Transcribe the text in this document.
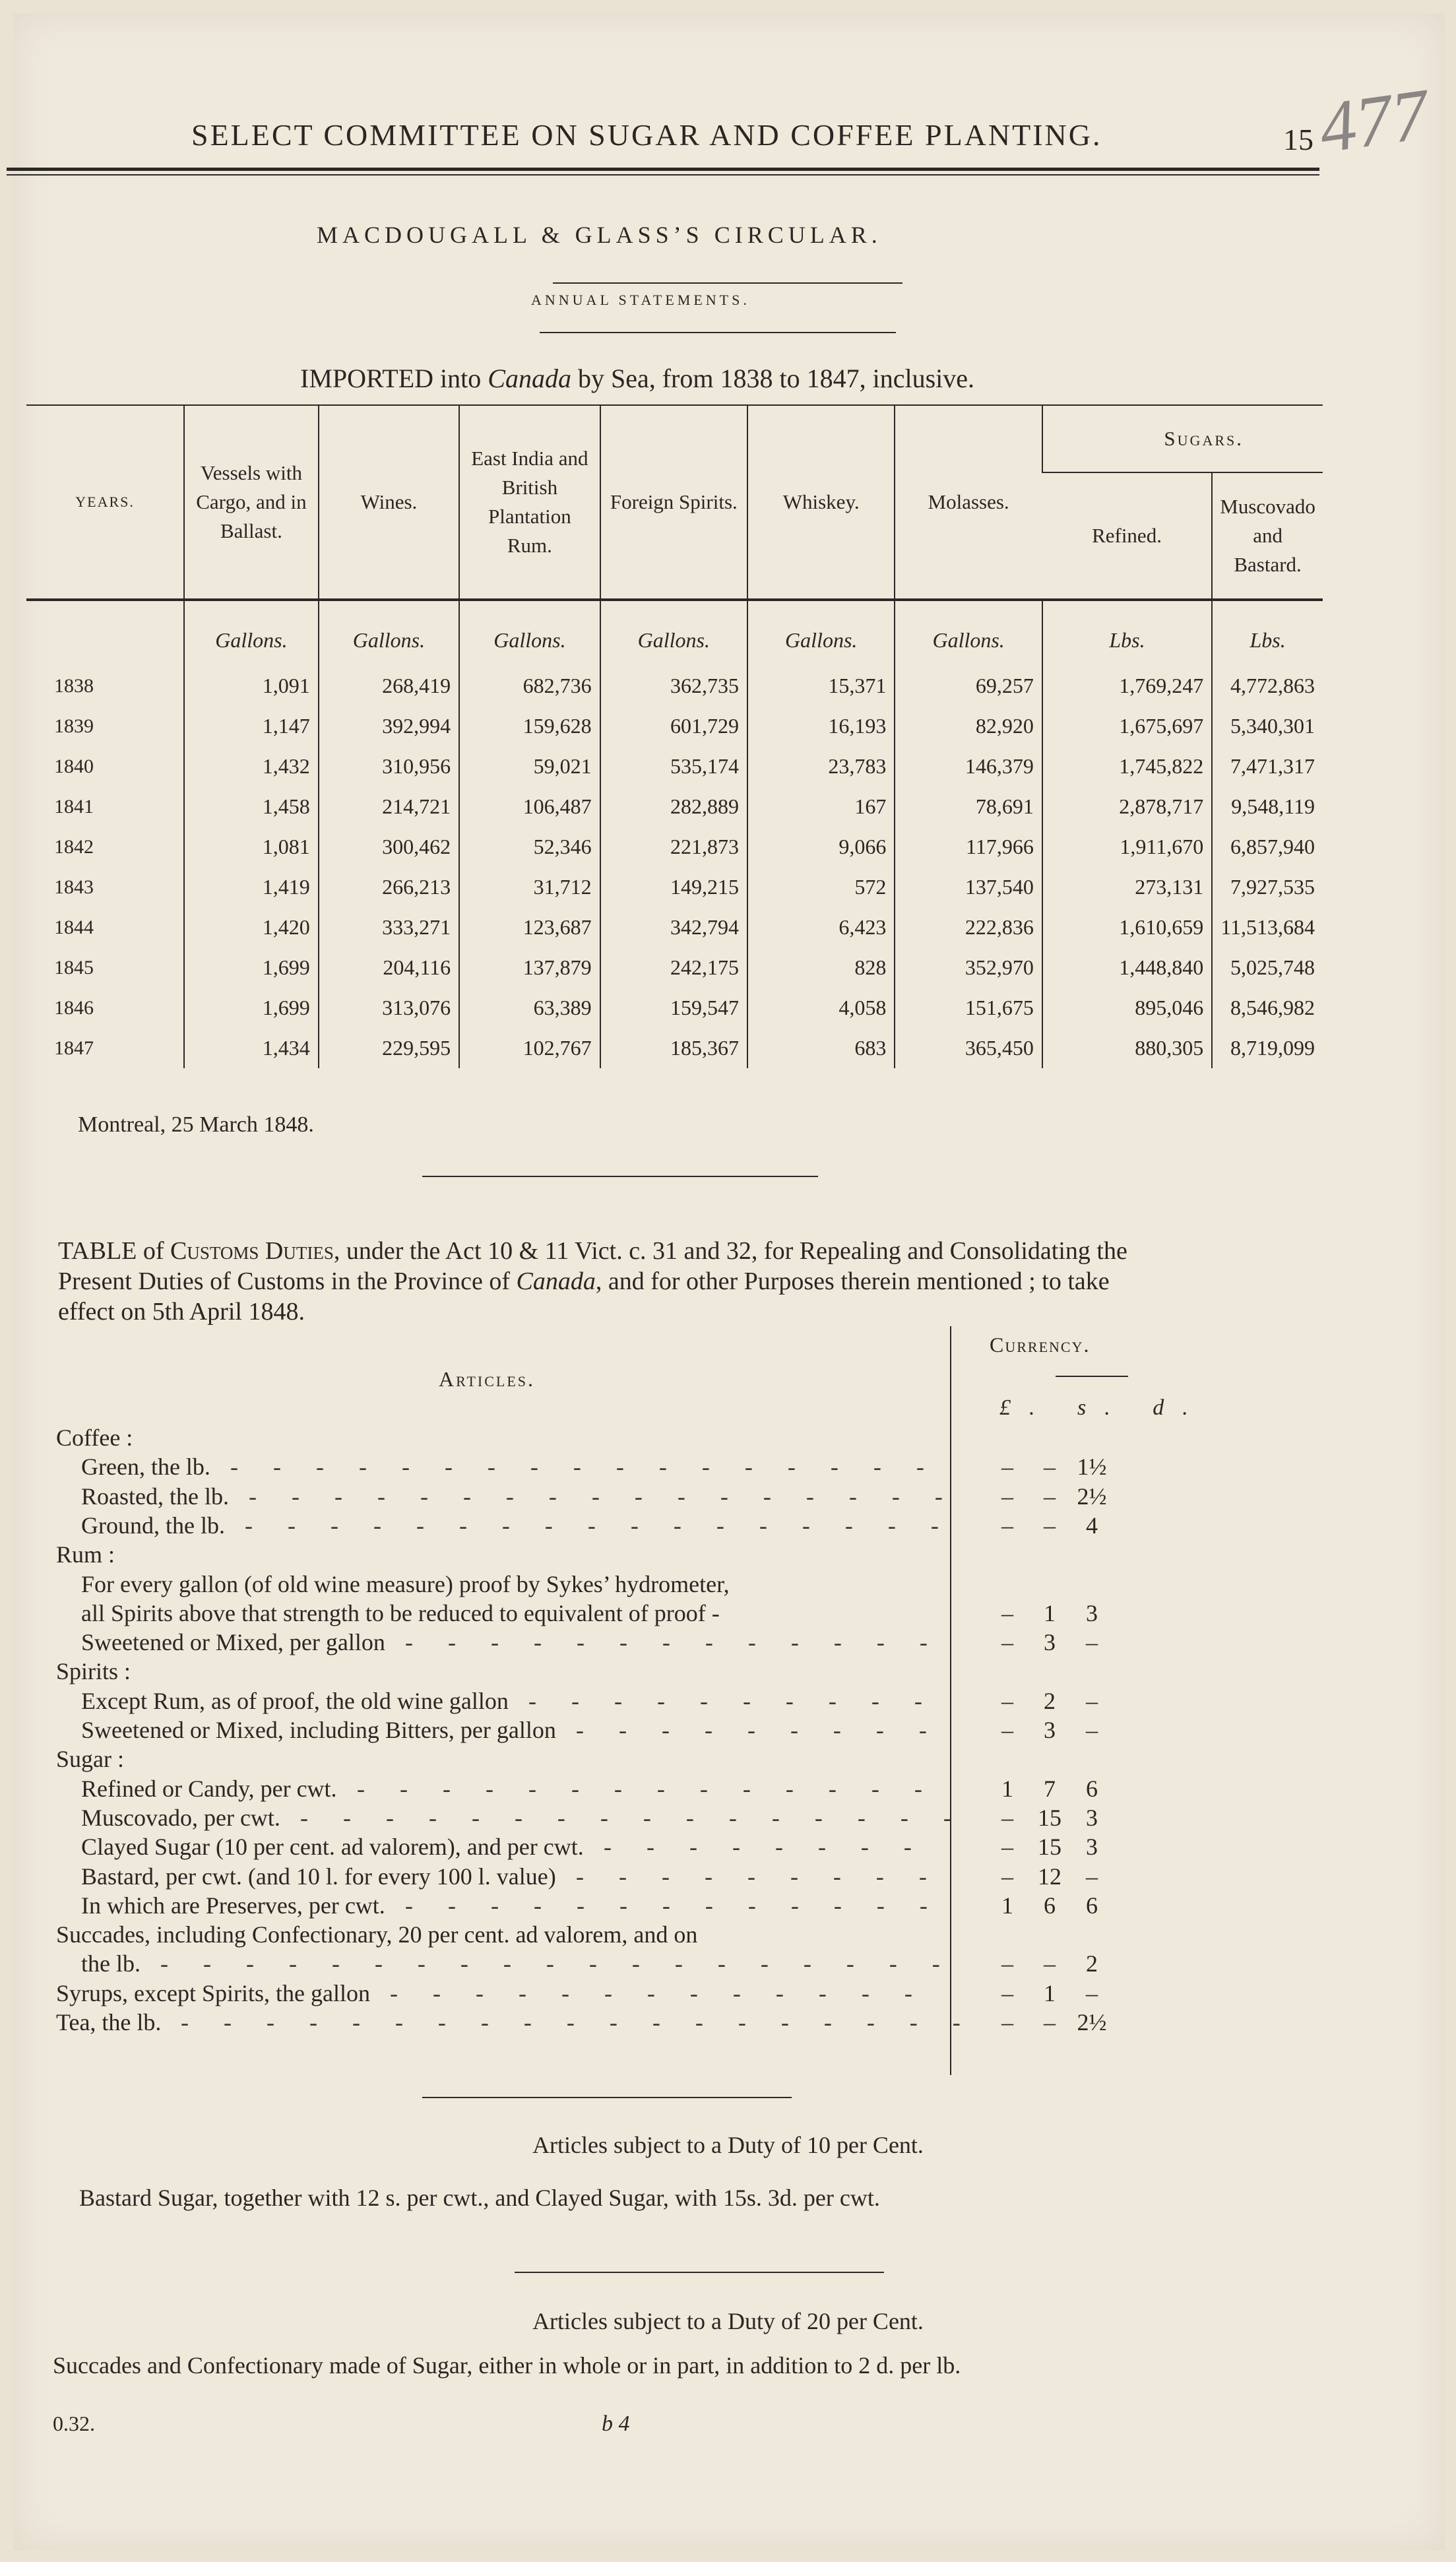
SELECT COMMITTEE ON SUGAR AND COFFEE PLANTING.	15 477
MACDOUGALL & GLASS’S CIRCULAR.
ANNUAL STATEMENTS.
IMPORTED into Canada by Sea, from 1838 to 1847, inclusive.
YEARS.	Vessels with Cargo, and in Ballast.	Wines.	East India and British Plantation Rum.	Foreign Spirits.	Whiskey.	Molasses.	Sugars.	
							Refined.	Muscovado and Bastard.
	Gallons.	Gallons.	Gallons.	Gallons.	Gallons.	Gallons.	Lbs.	Lbs.
1838	1,091	268,419	682,736	362,735	15,371	69,257	1,769,247	4,772,863
1839	1,147	392,994	159,628	601,729	16,193	82,920	1,675,697	5,340,301
1840	1,432	310,956	59,021	535,174	23,783	146,379	1,745,822	7,471,317
1841	1,458	214,721	106,487	282,889	167	78,691	2,878,717	9,548,119
1842	1,081	300,462	52,346	221,873	9,066	117,966	1,911,670	6,857,940
1843	1,419	266,213	31,712	149,215	572	137,540	273,131	7,927,535
1844	1,420	333,271	123,687	342,794	6,423	222,836	1,610,659	11,513,684
1845	1,699	204,116	137,879	242,175	828	352,970	1,448,840	5,025,748
1846	1,699	313,076	63,389	159,547	4,058	151,675	895,046	8,546,982
1847	1,434	229,595	102,767	185,367	683	365,450	880,305	8,719,099
Montreal, 25 March 1848.
TABLE of Customs Duties, under the Act 10 & 11 Vict. c. 31 and 32, for Repealing and Consolidating the Present Duties of Customs in the Province of Canada, and for other Purposes therein mentioned ; to take effect on 5th April 1848.
Articles.
Currency.
£. s. d.
Coffee :
Green, the lb. - - - - - - - - - - - - - - - - -	– – 1½
Roasted, the lb. - - - - - - - - - - - - - - - - -	– – 2½
Ground, the lb. - - - - - - - - - - - - - - - - -	– – 4
Rum :
For every gallon (of old wine measure) proof by Sykes’ hydrometer,
all Spirits above that strength to be reduced to equivalent of proof -	– 1 3
Sweetened or Mixed, per gallon - - - - - - - - - - - - -	– 3 –
Spirits :
Except Rum, as of proof, the old wine gallon - - - - - - - - - -	– 2 –
Sweetened or Mixed, including Bitters, per gallon - - - - - - - - -	– 3 –
Sugar :
Refined or Candy, per cwt. - - - - - - - - - - - - - -	1 7 6
Muscovado, per cwt. - - - - - - - - - - - - - - - -	– 15 3
Clayed Sugar (10 per cent. ad valorem), and per cwt. - - - - - - - -	– 15 3
Bastard, per cwt. (and 10 l. for every 100 l. value) - - - - - - - - -	– 12 –
In which are Preserves, per cwt. - - - - - - - - - - - - -	1 6 6
Succades, including Confectionary, 20 per cent. ad valorem, and on
the lb. - - - - - - - - - - - - - - - - - - -	– – 2
Syrups, except Spirits, the gallon - - - - - - - - - - - - -	– 1 –
Tea, the lb. - - - - - - - - - - - - - - - - - - -	– – 2½
Articles subject to a Duty of 10 per Cent.
Bastard Sugar, together with 12 s. per cwt., and Clayed Sugar, with 15s. 3d. per cwt.
Articles subject to a Duty of 20 per Cent.
Succades and Confectionary made of Sugar, either in whole or in part, in addition to 2 d. per lb.
0.32.	b 4
